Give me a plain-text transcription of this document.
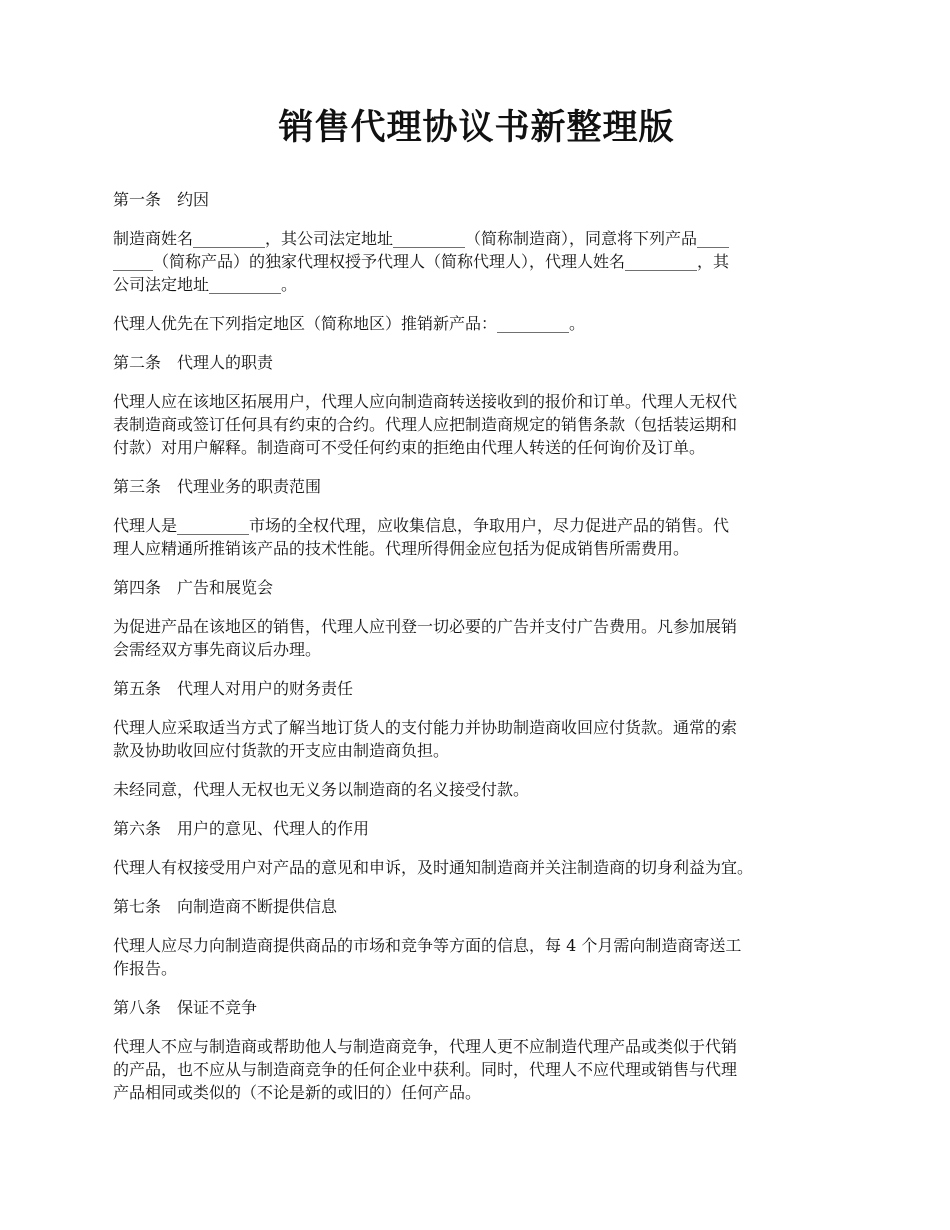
销售代理协议书新整理版

第一条　约因

制造商姓名_________，其公司法定地址_________（简称制造商），同意将下列产品____
_____（简称产品）的独家代理权授予代理人（简称代理人），代理人姓名_________，其
公司法定地址_________。

代理人优先在下列指定地区（简称地区）推销新产品：_________。

第二条　代理人的职责

代理人应在该地区拓展用户，代理人应向制造商转送接收到的报价和订单。代理人无权代
表制造商或签订任何具有约束的合约。代理人应把制造商规定的销售条款（包括装运期和
付款）对用户解释。制造商可不受任何约束的拒绝由代理人转送的任何询价及订单。

第三条　代理业务的职责范围

代理人是_________市场的全权代理，应收集信息，争取用户，尽力促进产品的销售。代
理人应精通所推销该产品的技术性能。代理所得佣金应包括为促成销售所需费用。

第四条　广告和展览会

为促进产品在该地区的销售，代理人应刊登一切必要的广告并支付广告费用。凡参加展销
会需经双方事先商议后办理。

第五条　代理人对用户的财务责任

代理人应采取适当方式了解当地订货人的支付能力并协助制造商收回应付货款。通常的索
款及协助收回应付货款的开支应由制造商负担。

未经同意，代理人无权也无义务以制造商的名义接受付款。

第六条　用户的意见、代理人的作用

代理人有权接受用户对产品的意见和申诉，及时通知制造商并关注制造商的切身利益为宜。

第七条　向制造商不断提供信息

代理人应尽力向制造商提供商品的市场和竞争等方面的信息，每 4 个月需向制造商寄送工
作报告。

第八条　保证不竞争

代理人不应与制造商或帮助他人与制造商竞争，代理人更不应制造代理产品或类似于代销
的产品，也不应从与制造商竞争的任何企业中获利。同时，代理人不应代理或销售与代理
产品相同或类似的（不论是新的或旧的）任何产品。
